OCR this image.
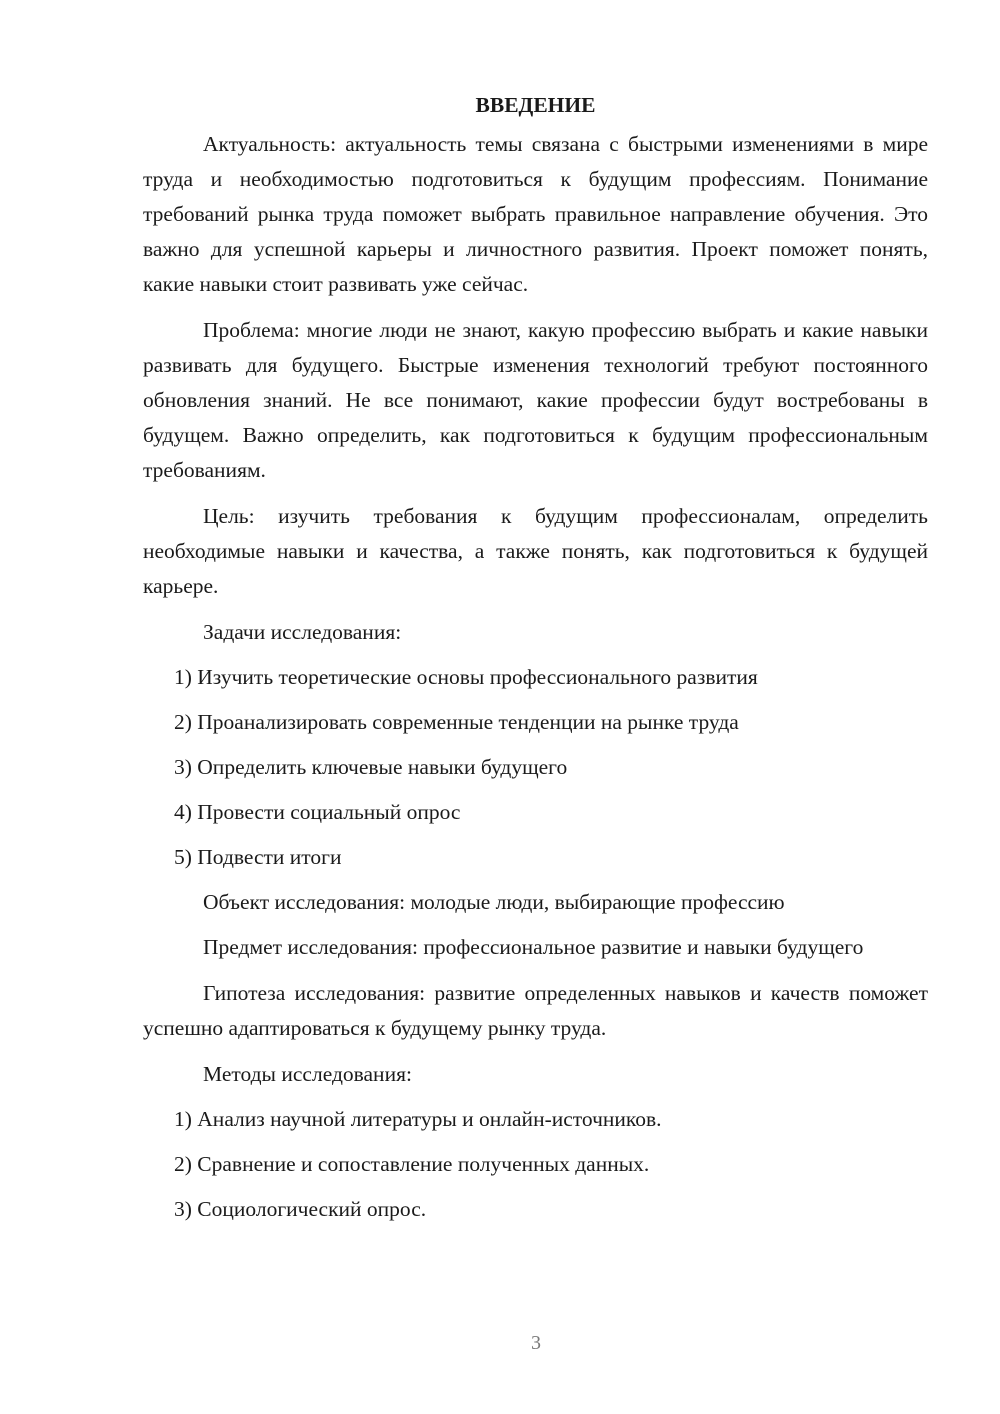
ВВЕДЕНИЕ
Актуальность: актуальность темы связана с быстрыми изменениями в мире труда и необходимостью подготовиться к будущим профессиям. Понимание требований рынка труда поможет выбрать правильное направление обучения. Это важно для успешной карьеры и личностного развития. Проект поможет понять, какие навыки стоит развивать уже сейчас.
Проблема: многие люди не знают, какую профессию выбрать и какие навыки развивать для будущего. Быстрые изменения технологий требуют постоянного обновления знаний. Не все понимают, какие профессии будут востребованы в будущем. Важно определить, как подготовиться к будущим профессиональным требованиям.
Цель: изучить требования к будущим профессионалам, определить необходимые навыки и качества, а также понять, как подготовиться к будущей карьере.
Задачи исследования:
1) Изучить теоретические основы профессионального развития
2) Проанализировать современные тенденции на рынке труда
3) Определить ключевые навыки будущего
4) Провести социальный опрос
5) Подвести итоги
Объект исследования: молодые люди, выбирающие профессию
Предмет исследования: профессиональное развитие и навыки будущего
Гипотеза исследования: развитие определенных навыков и качеств поможет успешно адаптироваться к будущему рынку труда.
Методы исследования:
1) Анализ научной литературы и онлайн-источников.
2) Сравнение и сопоставление полученных данных.
3) Социологический опрос.
3
